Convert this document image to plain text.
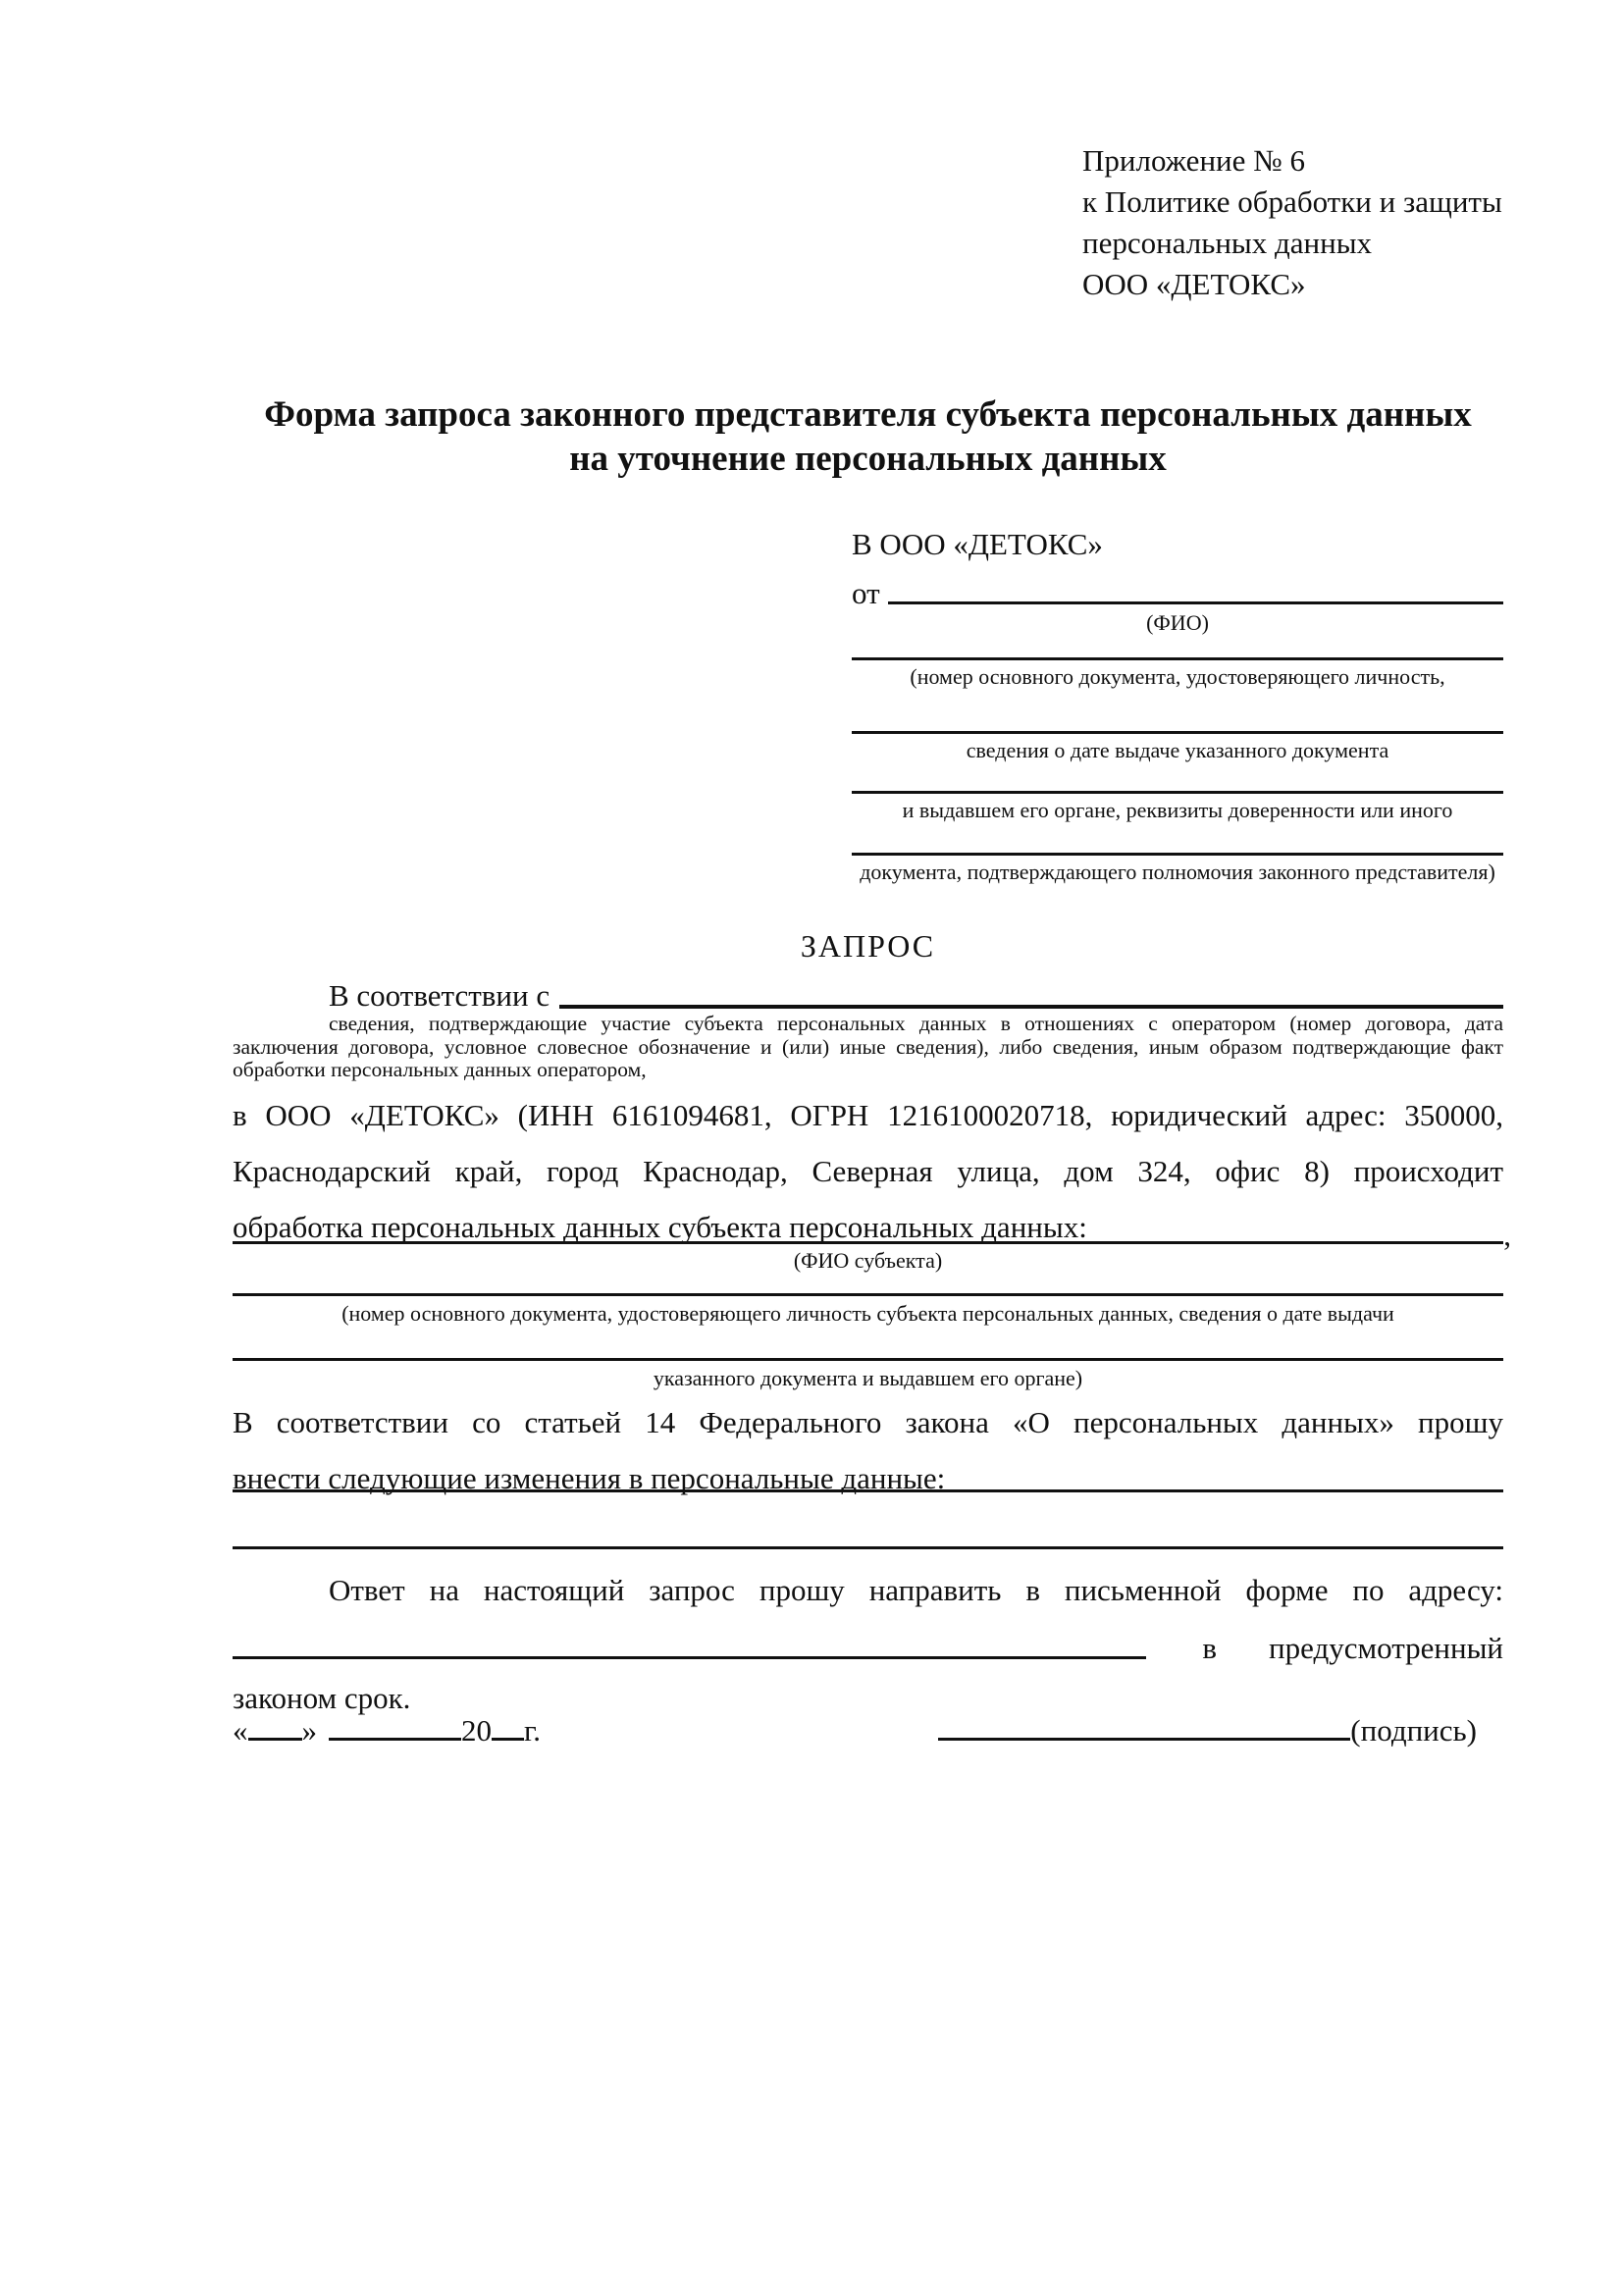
Приложение № 6
к Политике обработки и защиты
персональных данных
ООО «ДЕТОКС»
Форма запроса законного представителя субъекта персональных данных
на уточнение персональных данных
В ООО «ДЕТОКС»
от
(ФИО)
(номер основного документа, удостоверяющего личность,
сведения о дате выдаче указанного документа
и выдавшем его органе, реквизиты доверенности или иного
документа, подтверждающего полномочия законного представителя)
ЗАПРОС
В соответствии с
сведения, подтверждающие участие субъекта персональных данных в отношениях с оператором (номер договора, дата
заключения договора, условное словесное обозначение и (или) иные сведения), либо сведения, иным образом подтверждающие факт
обработки персональных данных оператором,
в ООО «ДЕТОКС» (ИНН 6161094681, ОГРН 1216100020718, юридический адрес: 350000,
Краснодарский край, город Краснодар, Северная улица, дом 324, офис 8) происходит
обработка персональных данных субъекта персональных данных:	,
(ФИО субъекта)
(номер основного документа, удостоверяющего личность субъекта персональных данных, сведения о дате выдачи
указанного документа и выдавшем его органе)
В соответствии со статьей 14 Федерального закона «О персональных данных» прошу
внести следующие изменения в персональные данные:
Ответ на настоящий запрос прошу направить в письменной форме по адресу:
в предусмотренный
законом срок.
« »	20 г.	(подпись)
